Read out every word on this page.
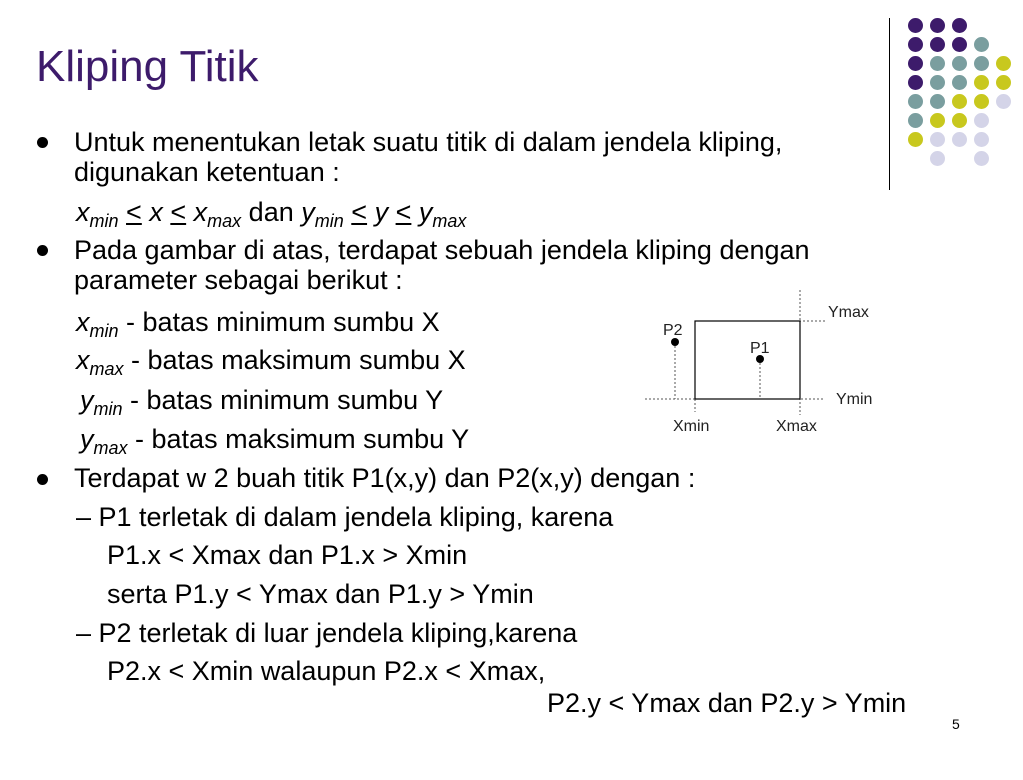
Kliping Titik
Untuk menentukan letak suatu titik di dalam jendela kliping,
digunakan ketentuan :
$x_{min} < x < x_{max}$ dan $y_{min} < y < y_{max}$
Pada gambar di atas, terdapat sebuah jendela kliping dengan
parameter sebagai berikut :
$x_{min}$ - batas minimum sumbu X
$x_{max}$ - batas maksimum sumbu X
$y_{min}$ - batas minimum sumbu Y
$y_{max}$ - batas maksimum sumbu Y
Terdapat w 2 buah titik P1(x,y) dan P2(x,y) dengan :
– P1 terletak di dalam jendela kliping, karena
P1.x < Xmax dan P1.x > Xmin
serta P1.y < Ymax dan P1.y > Ymin
– P2 terletak di luar jendela kliping,karena
P2.x < Xmin walaupun P2.x < Xmax,
P2.y < Ymax dan P2.y > Ymin
P2
P1
Ymax
Ymin
Xmin	Xmax
5
